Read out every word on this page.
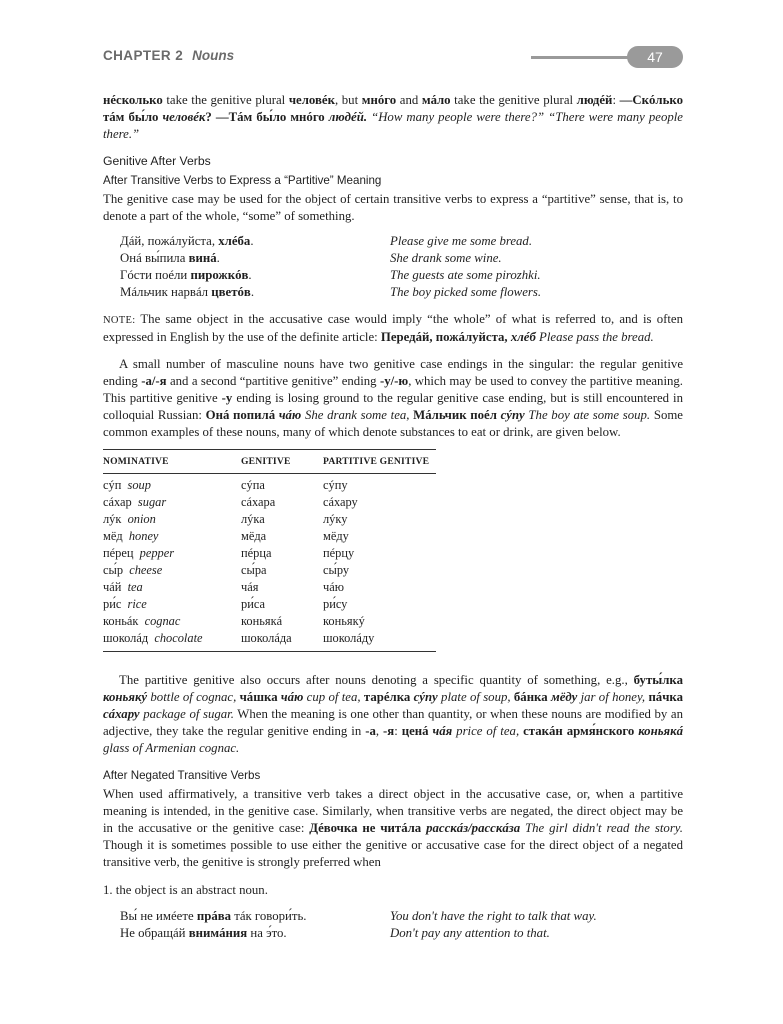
CHAPTER 2 Nouns	47

нéсколько take the genitive plural человéк, but мнóго and мáло take the genitive plural людéй: —Скóлько тáм бы́ло человéк? —Тáм бы́ло мнóго людéй. “How many people were there?” “There were many people there.”

Genitive After Verbs
After Transitive Verbs to Express a “Partitive” Meaning

The genitive case may be used for the object of certain transitive verbs to express a “partitive” sense, that is, to denote a part of the whole, “some” of something.

Дáй, пожáлуйста, хлéба.	Please give me some bread.
Онá вы́пила винá.	She drank some wine.
Гóсти поéли пирожкóв.	The guests ate some pirozhki.
Мáльчик нарвáл цветóв.	The boy picked some flowers.

NOTE: The same object in the accusative case would imply “the whole” of what is referred to, and is often expressed in English by the use of the definite article: Передáй, пожáлуйста, хлéб Please pass the bread.

A small number of masculine nouns have two genitive case endings in the singular: the regular genitive ending -а/-я and a second “partitive genitive” ending -у/-ю, which may be used to convey the partitive meaning. This partitive genitive -у ending is losing ground to the regular genitive case ending, but is still encountered in colloquial Russian: Онá попилá чáю She drank some tea, Мáльчик поéл сýпу The boy ate some soup. Some common examples of these nouns, many of which denote substances to eat or drink, are given below.

NOMINATIVE	GENITIVE	PARTITIVE GENITIVE
сýп  soup	сýпа	сýпу
сáхар  sugar	сáхара	сáхару
лýк  onion	лýка	лýку
мёд  honey	мёда	мёду
пéрец  pepper	пéрца	пéрцу
сы́р  cheese	сы́ра	сы́ру
чáй  tea	чáя	чáю
ри́с  rice	ри́са	ри́су
коньáк  cognac	коньякá	коньякý
шоколáд  chocolate	шоколáда	шоколáду

The partitive genitive also occurs after nouns denoting a specific quantity of something, e.g., буты́лка коньякý bottle of cognac, чáшка чáю cup of tea, тарéлка сýпу plate of soup, бáнка мёду jar of honey, пáчка сáхару package of sugar. When the meaning is one other than quantity, or when these nouns are modified by an adjective, they take the regular genitive ending in -а, -я: ценá чáя price of tea, стакáн армя́нского коньякá glass of Armenian cognac.

After Negated Transitive Verbs

When used affirmatively, a transitive verb takes a direct object in the accusative case, or, when a partitive meaning is intended, in the genitive case. Similarly, when transitive verbs are negated, the direct object may be in the accusative or the genitive case: Дéвочка не читáла расскáз/расскáза The girl didn't read the story. Though it is sometimes possible to use either the genitive or accusative case for the direct object of a negated transitive verb, the genitive is strongly preferred when

1. the object is an abstract noun.

Вы́ не имéете прáва тáк говори́ть.	You don't have the right to talk that way.
Не обращáй внимáния на э́то.	Don't pay any attention to that.
